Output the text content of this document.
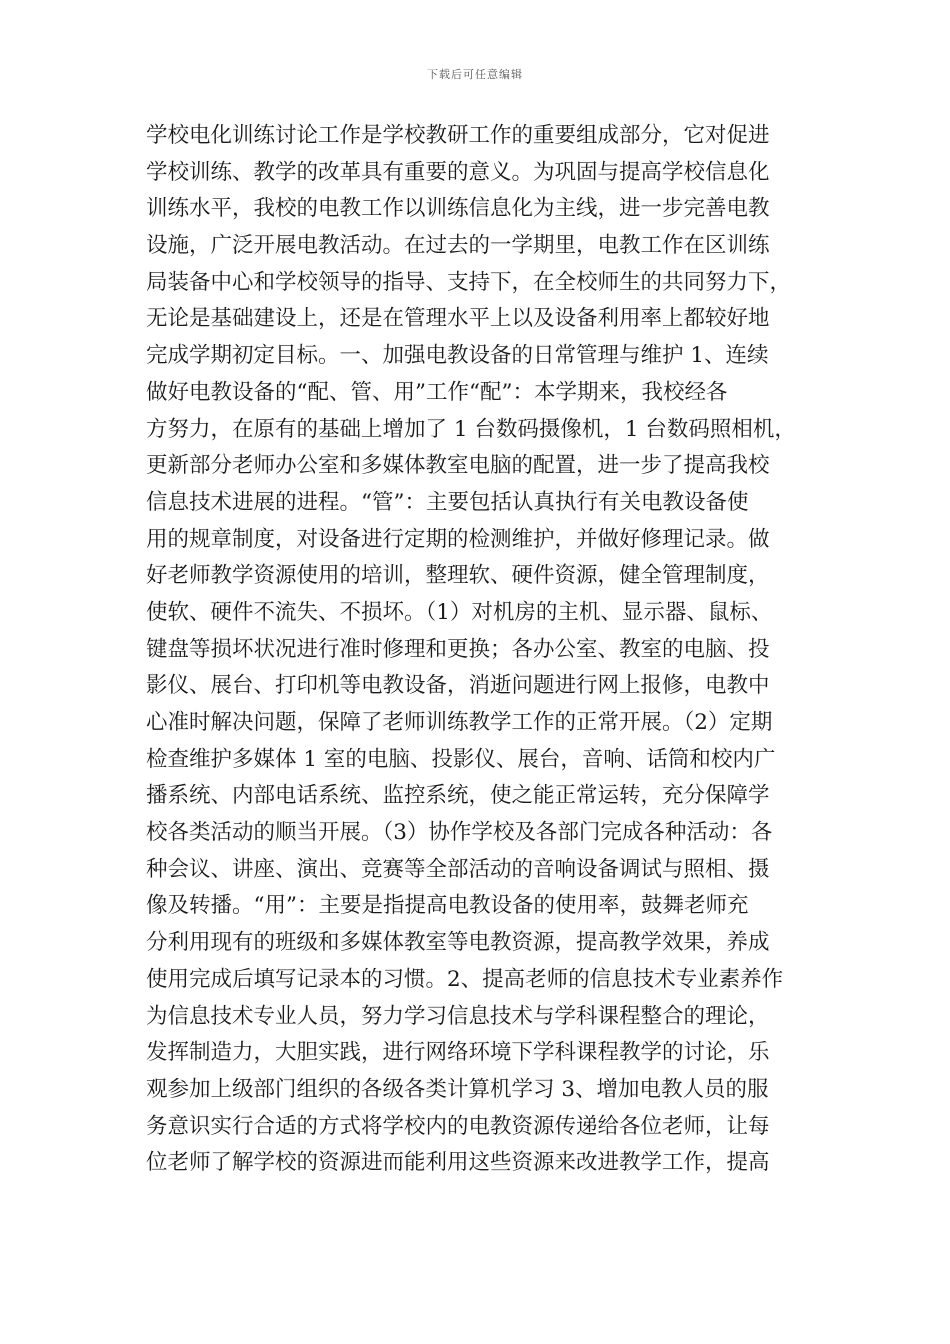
下载后可任意编辑
学校电化训练讨论工作是学校教研工作的重要组成部分，它对促进
学校训练、教学的改革具有重要的意义。为巩固与提高学校信息化
训练水平，我校的电教工作以训练信息化为主线，进一步完善电教
设施，广泛开展电教活动。在过去的一学期里，电教工作在区训练
局装备中心和学校领导的指导、支持下，在全校师生的共同努力下，
无论是基础建设上，还是在管理水平上以及设备利用率上都较好地
完成学期初定目标。一、加强电教设备的日常管理与维护 1、连续
做好电教设备的“配、管、用”工作“配”：本学期来，我校经各
方努力，在原有的基础上增加了 1 台数码摄像机，1 台数码照相机，
更新部分老师办公室和多媒体教室电脑的配置，进一步了提高我校
信息技术进展的进程。“管”：主要包括认真执行有关电教设备使
用的规章制度，对设备进行定期的检测维护，并做好修理记录。做
好老师教学资源使用的培训，整理软、硬件资源，健全管理制度，
使软、硬件不流失、不损坏。（1）对机房的主机、显示器、鼠标、
键盘等损坏状况进行准时修理和更换；各办公室、教室的电脑、投
影仪、展台、打印机等电教设备，消逝问题进行网上报修，电教中
心准时解决问题，保障了老师训练教学工作的正常开展。（2）定期
检查维护多媒体 1 室的电脑、投影仪、展台，音响、话筒和校内广
播系统、内部电话系统、监控系统，使之能正常运转，充分保障学
校各类活动的顺当开展。（3）协作学校及各部门完成各种活动：各
种会议、讲座、演出、竞赛等全部活动的音响设备调试与照相、摄
像及转播。“用”：主要是指提高电教设备的使用率，鼓舞老师充
分利用现有的班级和多媒体教室等电教资源，提高教学效果，养成
使用完成后填写记录本的习惯。2、提高老师的信息技术专业素养作
为信息技术专业人员，努力学习信息技术与学科课程整合的理论，
发挥制造力，大胆实践，进行网络环境下学科课程教学的讨论，乐
观参加上级部门组织的各级各类计算机学习 3、增加电教人员的服
务意识实行合适的方式将学校内的电教资源传递给各位老师，让每
位老师了解学校的资源进而能利用这些资源来改进教学工作，提高
